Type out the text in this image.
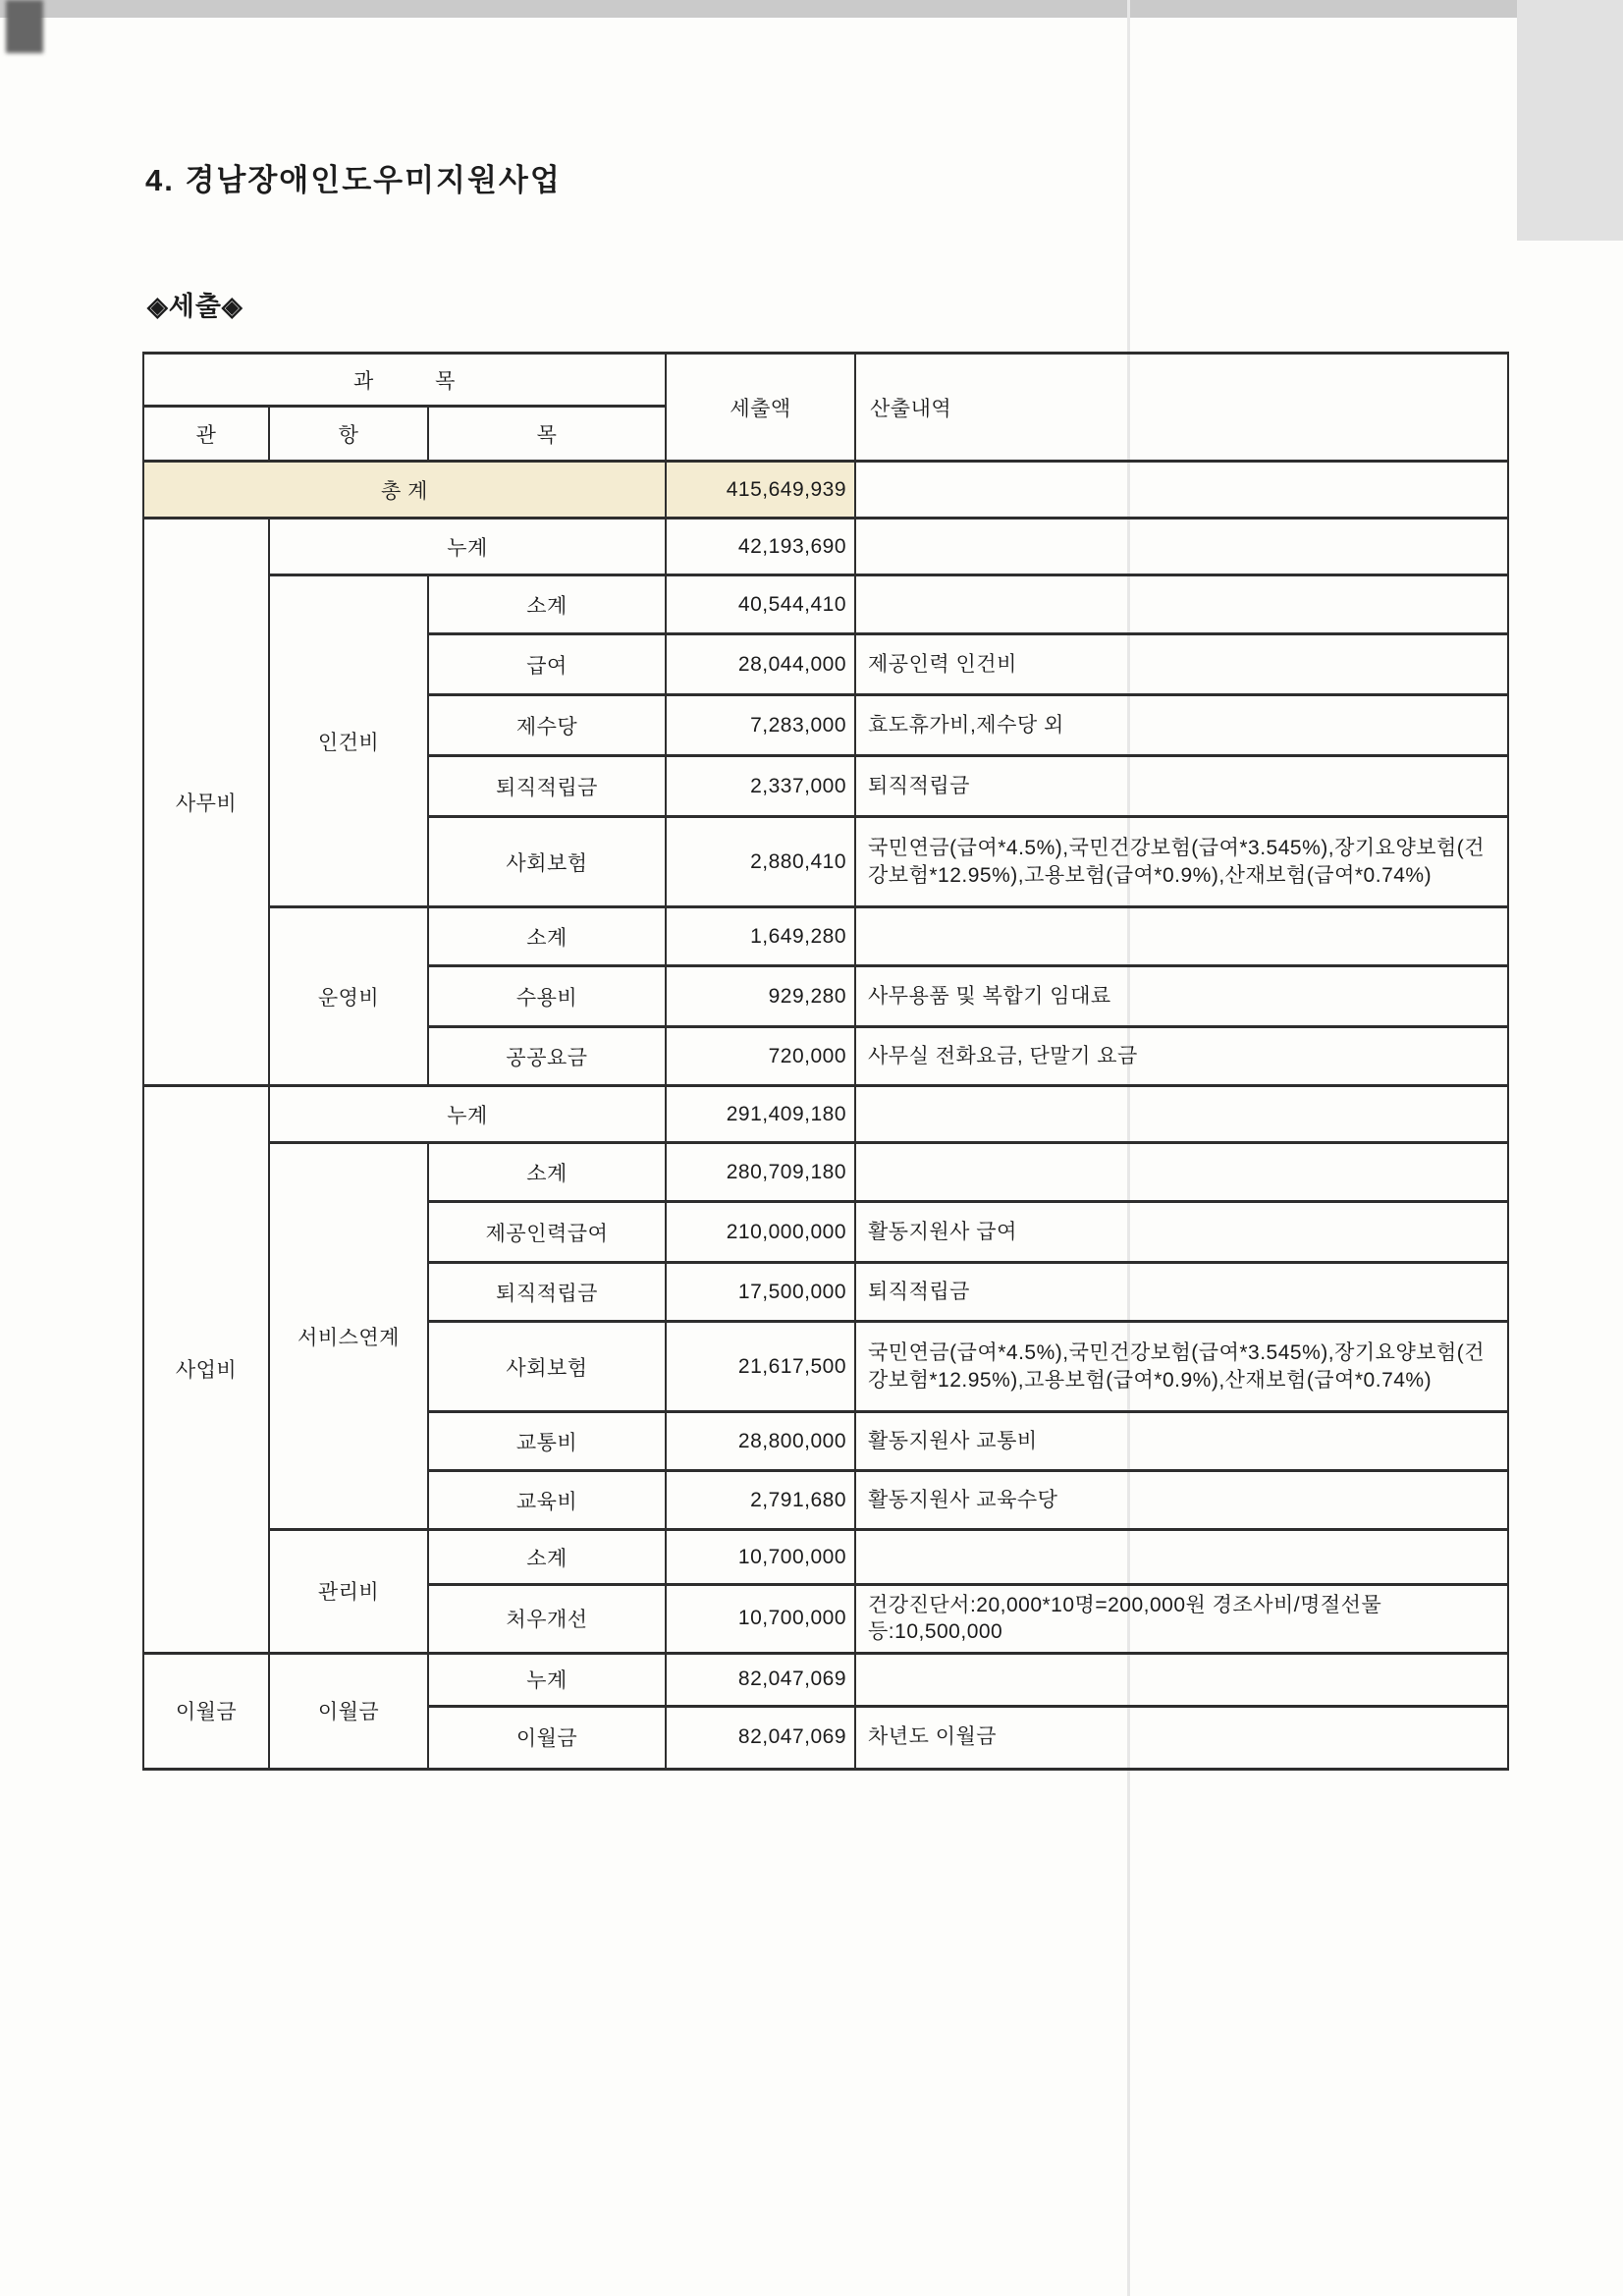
4. 경남장애인도우미지원사업
◈세출◈
과 목			세출액	산출내역
관	항	목		
총 계			415,649,939	
사무비	누계		42,193,690	
	인건비	소계	40,544,410	
		급여	28,044,000	제공인력 인건비
		제수당	7,283,000	효도휴가비,제수당 외
		퇴직적립금	2,337,000	퇴직적립금
		사회보험	2,880,410	국민연금(급여*4.5%),국민건강보험(급여*3.545%),장기요양보험(건강보험*12.95%),고용보험(급여*0.9%),산재보험(급여*0.74%)
	운영비	소계	1,649,280	
		수용비	929,280	사무용품 및 복합기 임대료
		공공요금	720,000	사무실 전화요금, 단말기 요금
사업비	누계		291,409,180	
	서비스연계	소계	280,709,180	
		제공인력급여	210,000,000	활동지원사 급여
		퇴직적립금	17,500,000	퇴직적립금
		사회보험	21,617,500	국민연금(급여*4.5%),국민건강보험(급여*3.545%),장기요양보험(건강보험*12.95%),고용보험(급여*0.9%),산재보험(급여*0.74%)
		교통비	28,800,000	활동지원사 교통비
		교육비	2,791,680	활동지원사 교육수당
	관리비	소계	10,700,000	
		처우개선	10,700,000	건강진단서:20,000*10명=200,000원 경조사비/명절선물 등:10,500,000
이월금	이월금	누계	82,047,069	
		이월금	82,047,069	차년도 이월금
